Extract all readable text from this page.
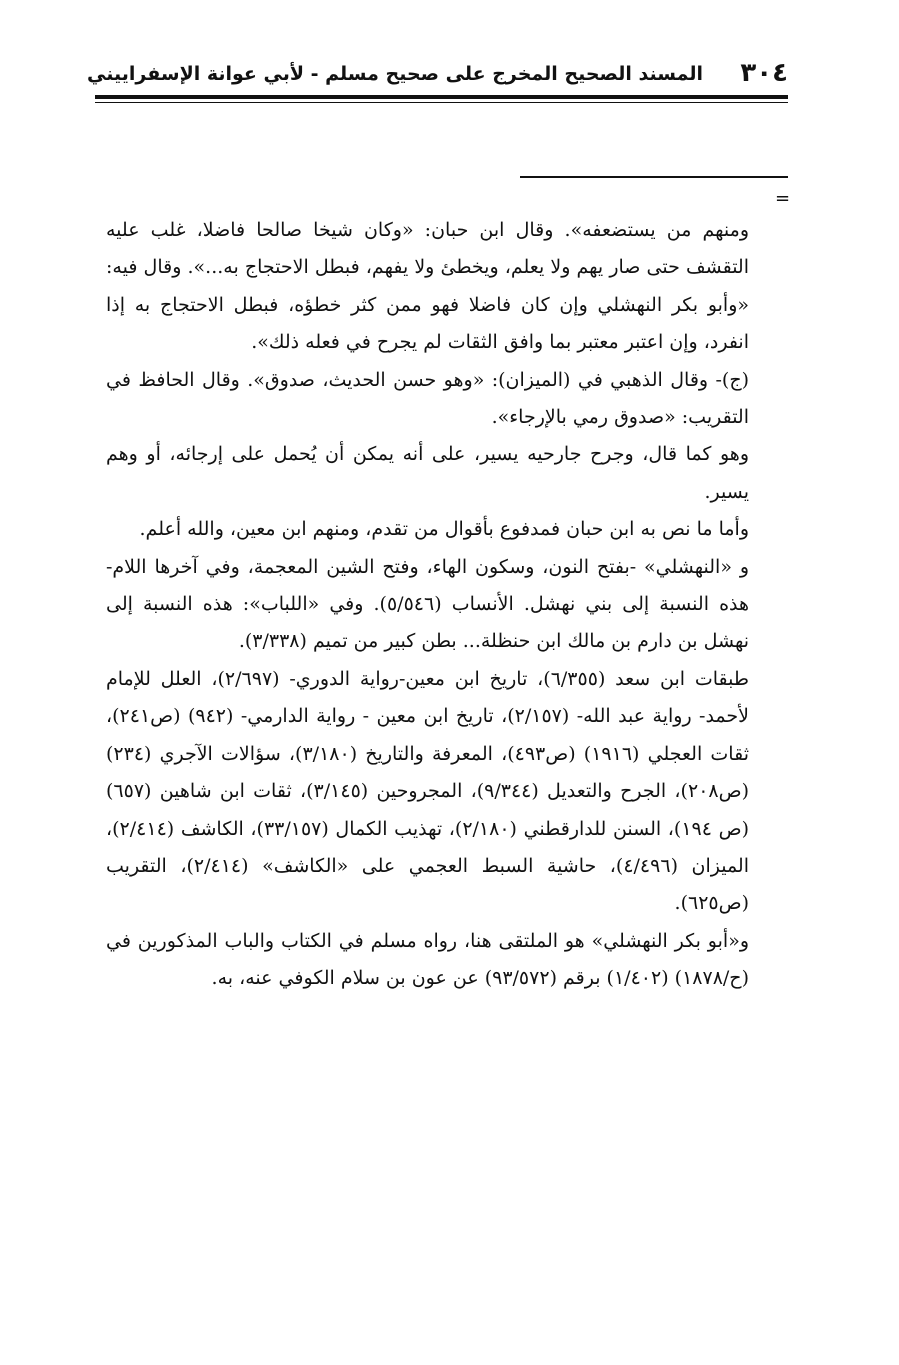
٣٠٤
المسند الصحيح المخرج على صحيح مسلم - لأبي عوانة الإسفراييني
=

ومنهم من يستضعفه». وقال ابن حبان: «وكان شيخا صالحا فاضلا، غلب عليه التقشف حتى صار يهم ولا يعلم، ويخطئ ولا يفهم، فبطل الاحتجاج به...». وقال فيه: «وأبو بكر النهشلي وإن كان فاضلا فهو ممن كثر خطؤه، فبطل الاحتجاج به إذا انفرد، وإن اعتبر معتبر بما وافق الثقات لم يجرح في فعله ذلك».

(ج)- وقال الذهبي في (الميزان): «وهو حسن الحديث، صدوق». وقال الحافظ في التقريب: «صدوق رمي بالإرجاء».

وهو كما قال، وجرح جارحيه يسير، على أنه يمكن أن يُحمل على إرجائه، أو وهم يسير.

وأما ما نص به ابن حبان فمدفوع بأقوال من تقدم، ومنهم ابن معين، والله أعلم.

و «النهشلي» -بفتح النون، وسكون الهاء، وفتح الشين المعجمة، وفي آخرها اللام- هذه النسبة إلى بني نهشل. الأنساب (٥/٥٤٦). وفي «اللباب»: هذه النسبة إلى نهشل بن دارم بن مالك ابن حنظلة... بطن كبير من تميم (٣/٣٣٨).

طبقات ابن سعد (٦/٣٥٥)، تاريخ ابن معين-رواية الدوري- (٢/٦٩٧)، العلل للإمام لأحمد- رواية عبد الله- (٢/١٥٧)، تاريخ ابن معين - رواية الدارمي- (٩٤٢) (ص٢٤١)، ثقات العجلي (١٩١٦) (ص٤٩٣)، المعرفة والتاريخ (٣/١٨٠)، سؤالات الآجري (٢٣٤) (ص٢٠٨)، الجرح والتعديل (٩/٣٤٤)، المجروحين (٣/١٤٥)، ثقات ابن شاهين (٦٥٧) (ص ١٩٤)، السنن للدارقطني (٢/١٨٠)، تهذيب الكمال (٣٣/١٥٧)، الكاشف (٢/٤١٤)، الميزان (٤/٤٩٦)، حاشية السبط العجمي على «الكاشف» (٢/٤١٤)، التقريب (ص٦٢٥).

و«أبو بكر النهشلي» هو الملتقى هنا، رواه مسلم في الكتاب والباب المذكورين في (ح/١٨٧٨) (١/٤٠٢) برقم (٩٣/٥٧٢) عن عون بن سلام الكوفي عنه، به.
